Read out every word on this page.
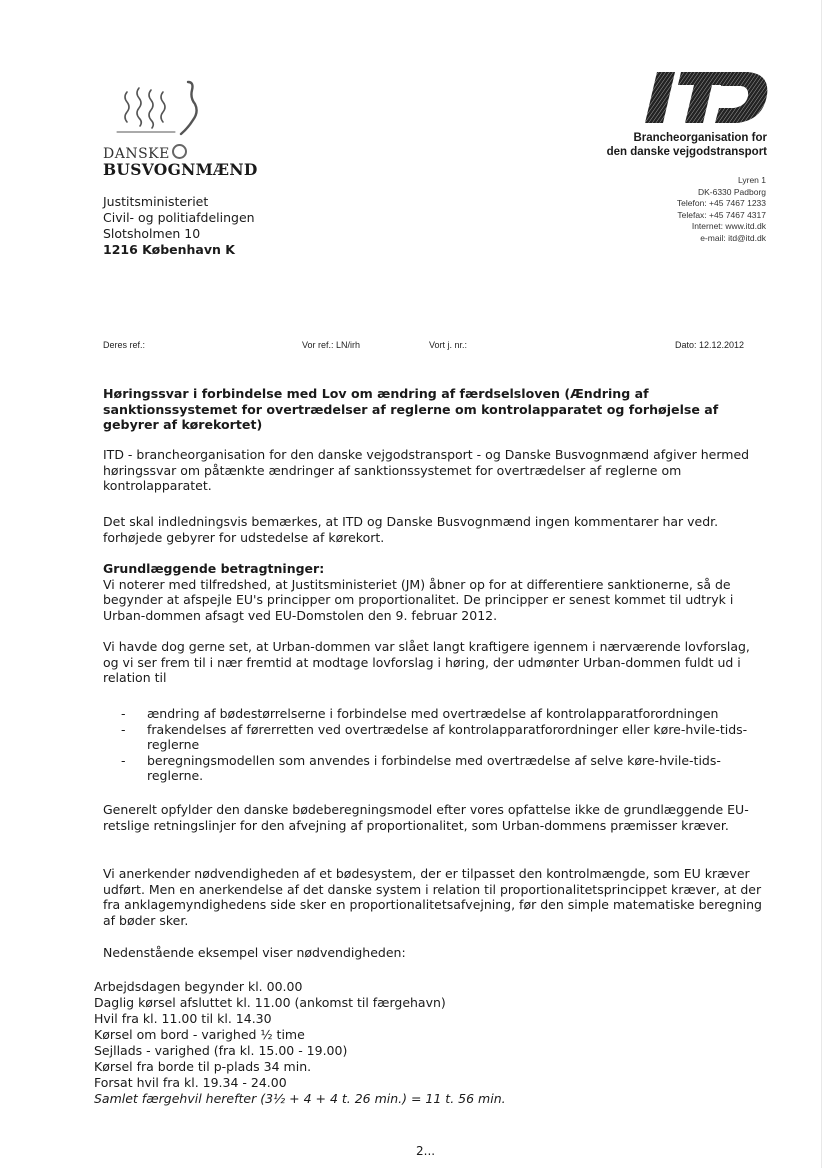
DANSKE
BUSVOGNMÆND
Brancheorganisation for
den danske vejgodstransport
Lyren 1
DK-6330 Padborg
Telefon: +45 7467 1233
Telefax: +45 7467 4317
Internet: www.itd.dk
e-mail: itd@itd.dk
Justitsministeriet
Civil- og politiafdelingen
Slotsholmen 10
1216 København K
Deres ref.:	Vor ref.: LN/irh	Vort j. nr.:	Dato: 12.12.2012
Høringssvar i forbindelse med Lov om ændring af færdselsloven (Ændring af sanktionssystemet for overtrædelser af reglerne om kontrolapparatet og forhøjelse af gebyrer af kørekortet)
ITD - brancheorganisation for den danske vejgodstransport - og Danske Busvognmænd afgiver hermed høringssvar om påtænkte ændringer af sanktionssystemet for overtrædelser af reglerne om kontrolapparatet.
Det skal indledningsvis bemærkes, at ITD og Danske Busvognmænd ingen kommentarer har vedr. forhøjede gebyrer for udstedelse af kørekort.
Grundlæggende betragtninger:
Vi noterer med tilfredshed, at Justitsministeriet (JM) åbner op for at differentiere sanktionerne, så de begynder at afspejle EU's principper om proportionalitet. De principper er senest kommet til udtryk i Urban-dommen afsagt ved EU-Domstolen den 9. februar 2012.
Vi havde dog gerne set, at Urban-dommen var slået langt kraftigere igennem i nærværende lovforslag, og vi ser frem til i nær fremtid at modtage lovforslag i høring, der udmønter Urban-dommen fuldt ud i relation til
- ændring af bødestørrelserne i forbindelse med overtrædelse af kontrolapparatforordningen
- frakendelses af førerretten ved overtrædelse af kontrolapparatforordninger eller køre-hvile-tids-reglerne
- beregningsmodellen som anvendes i forbindelse med overtrædelse af selve køre-hvile-tids-reglerne.
Generelt opfylder den danske bødeberegningsmodel efter vores opfattelse ikke de grundlæggende EU-retslige retningslinjer for den afvejning af proportionalitet, som Urban-dommens præmisser kræver.
Vi anerkender nødvendigheden af et bødesystem, der er tilpasset den kontrolmængde, som EU kræver udført. Men en anerkendelse af det danske system i relation til proportionalitetsprincippet kræver, at der fra anklagemyndighedens side sker en proportionalitetsafvejning, før den simple matematiske beregning af bøder sker.
Nedenstående eksempel viser nødvendigheden:
Arbejdsdagen begynder kl. 00.00
Daglig kørsel afsluttet kl. 11.00 (ankomst til færgehavn)
Hvil fra kl. 11.00 til kl. 14.30
Kørsel om bord - varighed ½ time
Sejllads - varighed (fra kl. 15.00 - 19.00)
Kørsel fra borde til p-plads 34 min.
Forsat hvil fra kl. 19.34 - 24.00
Samlet færgehvil herefter (3½ + 4 + 4 t. 26 min.) = 11 t. 56 min.
2...
